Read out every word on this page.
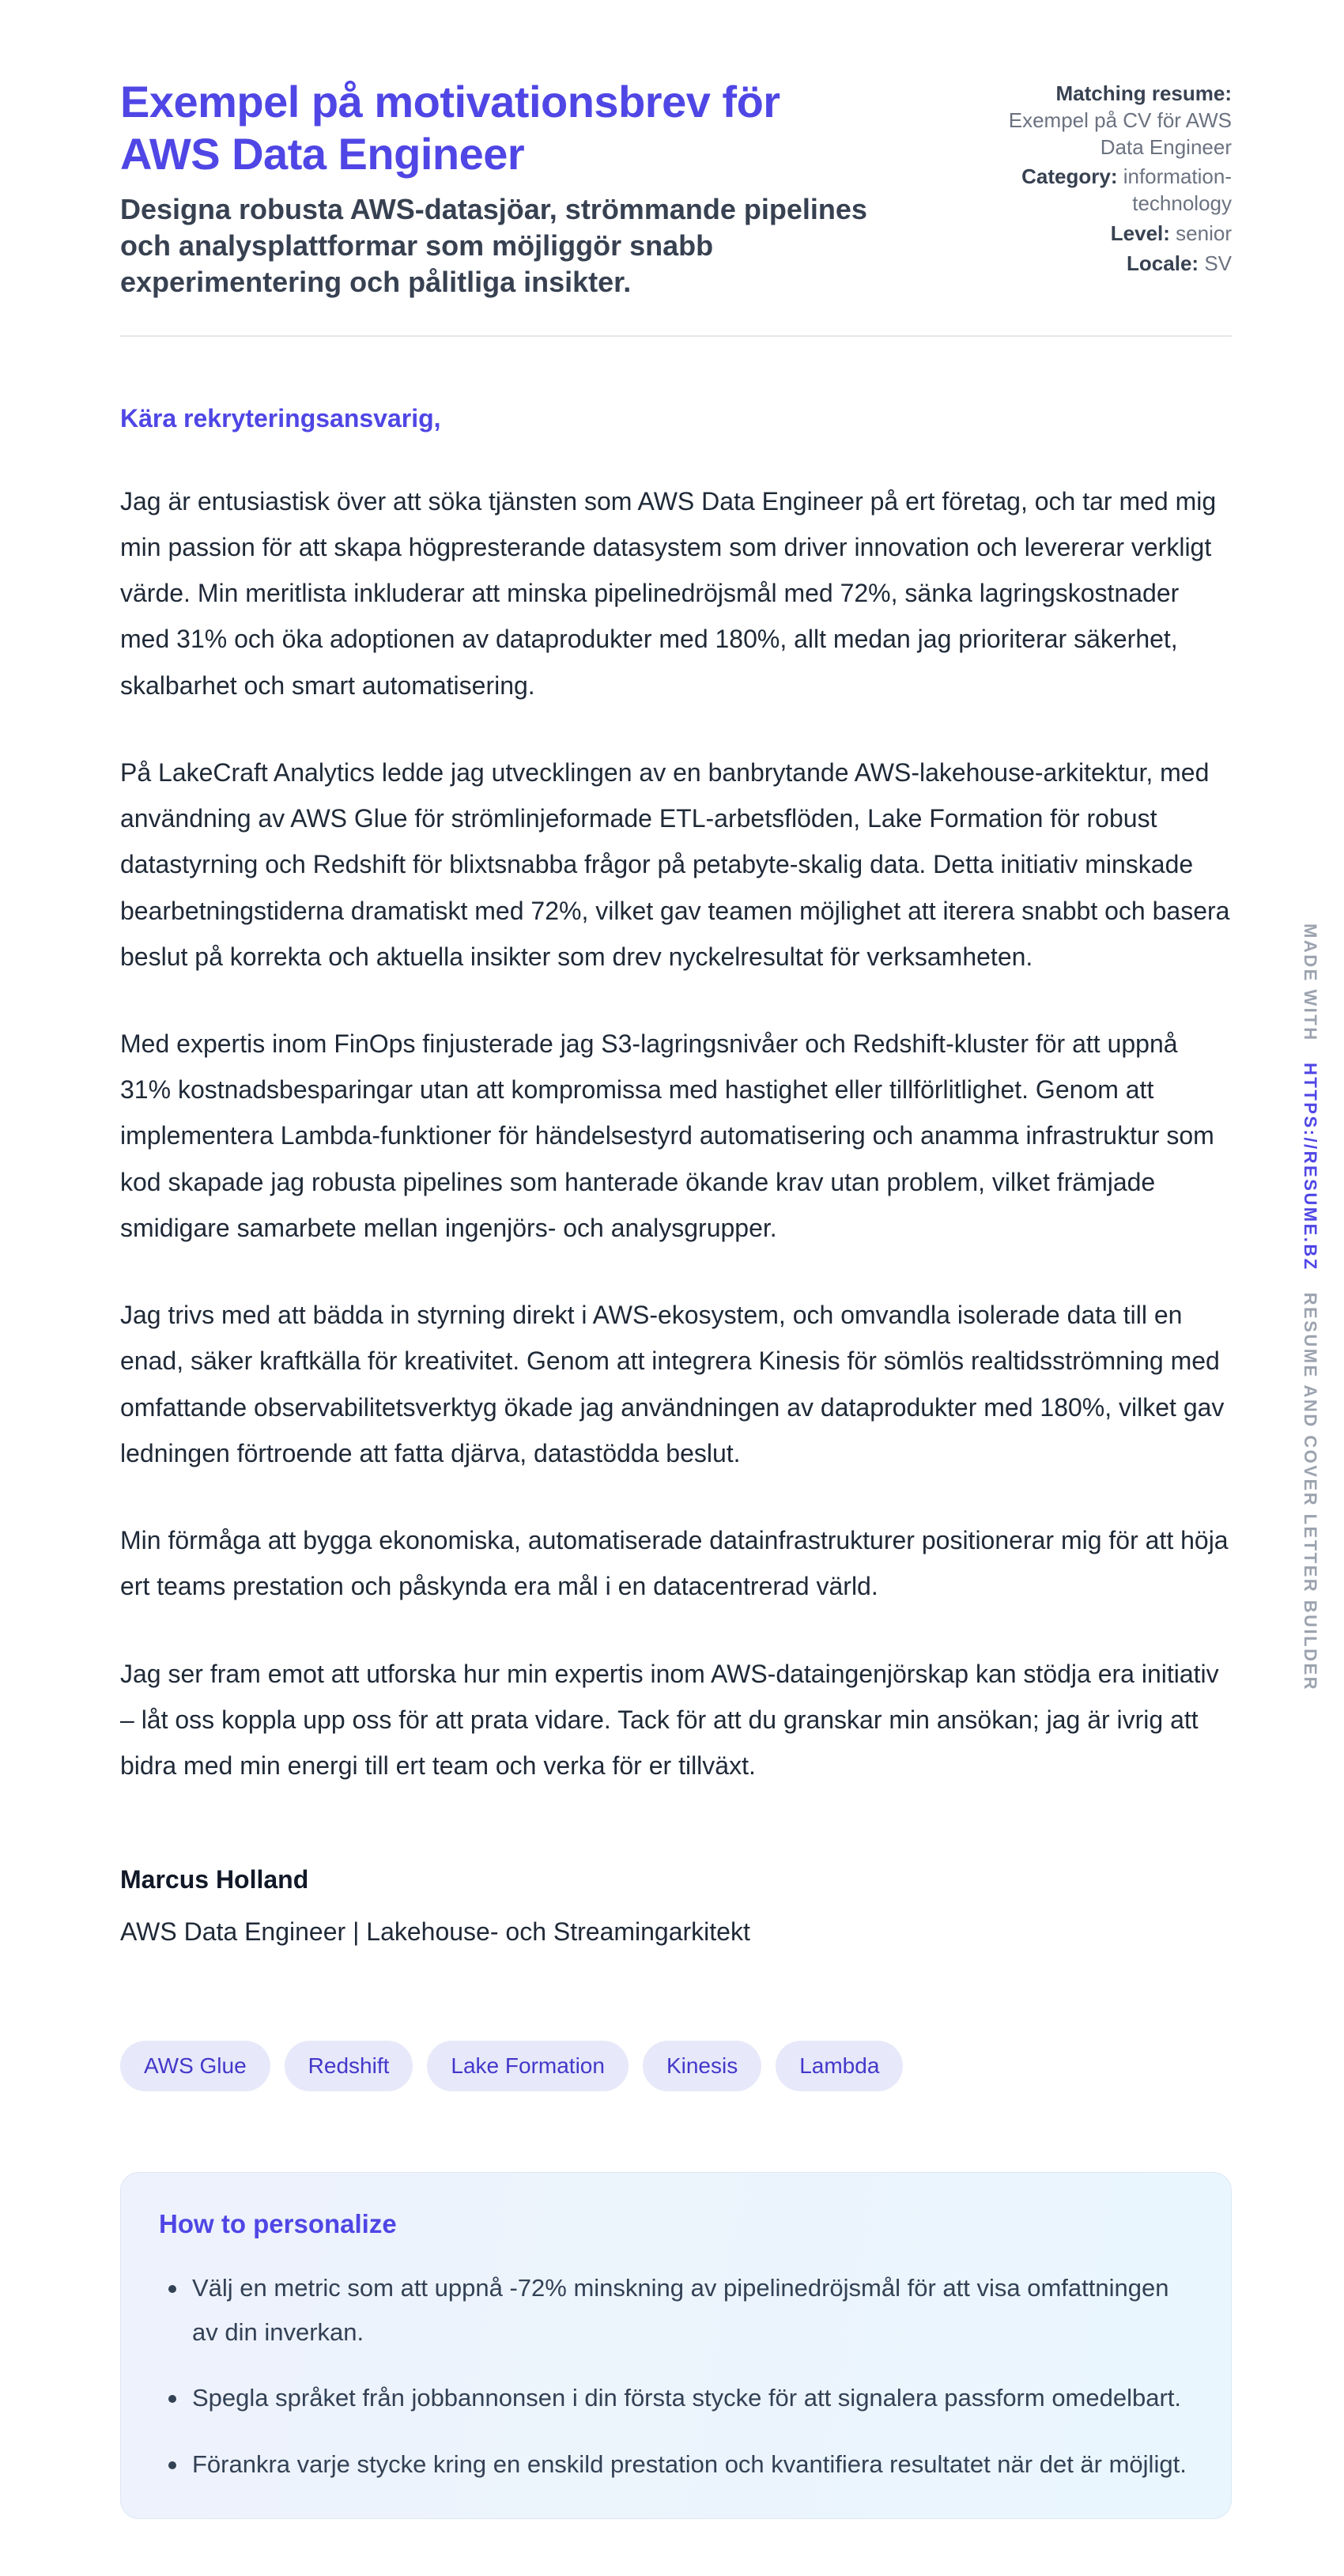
MADE WITH HTTPS://RESUME.BZ RESUME AND COVER LETTER BUILDER
Exempel på motivationsbrev för AWS Data Engineer

Designa robusta AWS-datasjöar, strömmande pipelines och analysplattformar som möjliggör snabb experimentering och pålitliga insikter.

Matching resume: Exempel på CV för AWS Data Engineer
Category: information-technology
Level: senior
Locale: SV

Kära rekryteringsansvarig,

Jag är entusiastisk över att söka tjänsten som AWS Data Engineer på ert företag, och tar med mig min passion för att skapa högpresterande datasystem som driver innovation och levererar verkligt värde. Min meritlista inkluderar att minska pipelinedröjsmål med 72%, sänka lagringskostnader med 31% och öka adoptionen av dataprodukter med 180%, allt medan jag prioriterar säkerhet, skalbarhet och smart automatisering.

På LakeCraft Analytics ledde jag utvecklingen av en banbrytande AWS-lakehouse-arkitektur, med användning av AWS Glue för strömlinjeformade ETL-arbetsflöden, Lake Formation för robust datastyrning och Redshift för blixtsnabba frågor på petabyte-skalig data. Detta initiativ minskade bearbetningstiderna dramatiskt med 72%, vilket gav teamen möjlighet att iterera snabbt och basera beslut på korrekta och aktuella insikter som drev nyckelresultat för verksamheten.

Med expertis inom FinOps finjusterade jag S3-lagringsnivåer och Redshift-kluster för att uppnå 31% kostnadsbesparingar utan att kompromissa med hastighet eller tillförlitlighet. Genom att implementera Lambda-funktioner för händelsestyrd automatisering och anamma infrastruktur som kod skapade jag robusta pipelines som hanterade ökande krav utan problem, vilket främjade smidigare samarbete mellan ingenjörs- och analysgrupper.

Jag trivs med att bädda in styrning direkt i AWS-ekosystem, och omvandla isolerade data till en enad, säker kraftkälla för kreativitet. Genom att integrera Kinesis för sömlös realtidsströmning med omfattande observabilitetsverktyg ökade jag användningen av dataprodukter med 180%, vilket gav ledningen förtroende att fatta djärva, datastödda beslut.

Min förmåga att bygga ekonomiska, automatiserade datainfrastrukturer positionerar mig för att höja ert teams prestation och påskynda era mål i en datacentrerad värld.

Jag ser fram emot att utforska hur min expertis inom AWS-dataingenjörskap kan stödja era initiativ – låt oss koppla upp oss för att prata vidare. Tack för att du granskar min ansökan; jag är ivrig att bidra med min energi till ert team och verka för er tillväxt.

Marcus Holland

AWS Data Engineer | Lakehouse- och Streamingarkitekt

AWS Glue	Redshift	Lake Formation	Kinesis	Lambda
How to personalize
Välj en metric som att uppnå -72% minskning av pipelinedröjsmål för att visa omfattningen av din inverkan.
Spegla språket från jobbannonsen i din första stycke för att signalera passform omedelbart.
Förankra varje stycke kring en enskild prestation och kvantifiera resultatet när det är möjligt.
